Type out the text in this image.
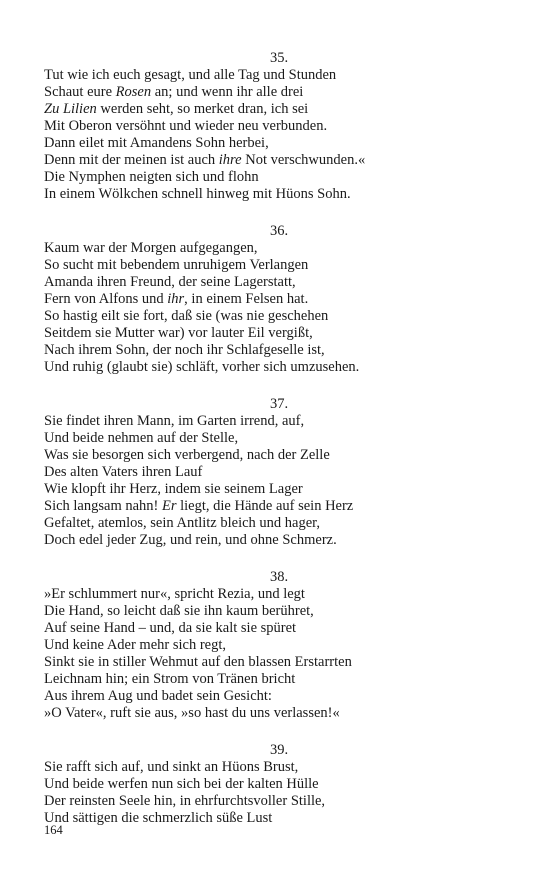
35.
Tut wie ich euch gesagt, und alle Tag und Stunden
Schaut eure Rosen an; und wenn ihr alle drei
Zu Lilien werden seht, so merket dran, ich sei
Mit Oberon versöhnt und wieder neu verbunden.
Dann eilet mit Amandens Sohn herbei,
Denn mit der meinen ist auch ihre Not verschwunden.«
Die Nymphen neigten sich und flohn
In einem Wölkchen schnell hinweg mit Hüons Sohn.
36.
Kaum war der Morgen aufgegangen,
So sucht mit bebendem unruhigem Verlangen
Amanda ihren Freund, der seine Lagerstatt,
Fern von Alfons und ihr, in einem Felsen hat.
So hastig eilt sie fort, daß sie (was nie geschehen
Seitdem sie Mutter war) vor lauter Eil vergißt,
Nach ihrem Sohn, der noch ihr Schlafgeselle ist,
Und ruhig (glaubt sie) schläft, vorher sich umzusehen.
37.
Sie findet ihren Mann, im Garten irrend, auf,
Und beide nehmen auf der Stelle,
Was sie besorgen sich verbergend, nach der Zelle
Des alten Vaters ihren Lauf
Wie klopft ihr Herz, indem sie seinem Lager
Sich langsam nahn! Er liegt, die Hände auf sein Herz
Gefaltet, atemlos, sein Antlitz bleich und hager,
Doch edel jeder Zug, und rein, und ohne Schmerz.
38.
»Er schlummert nur«, spricht Rezia, und legt
Die Hand, so leicht daß sie ihn kaum berühret,
Auf seine Hand – und, da sie kalt sie spüret
Und keine Ader mehr sich regt,
Sinkt sie in stiller Wehmut auf den blassen Erstarrten
Leichnam hin; ein Strom von Tränen bricht
Aus ihrem Aug und badet sein Gesicht:
»O Vater«, ruft sie aus, »so hast du uns verlassen!«
39.
Sie rafft sich auf, und sinkt an Hüons Brust,
Und beide werfen nun sich bei der kalten Hülle
Der reinsten Seele hin, in ehrfurchtsvoller Stille,
Und sättigen die schmerzlich süße Lust
164
